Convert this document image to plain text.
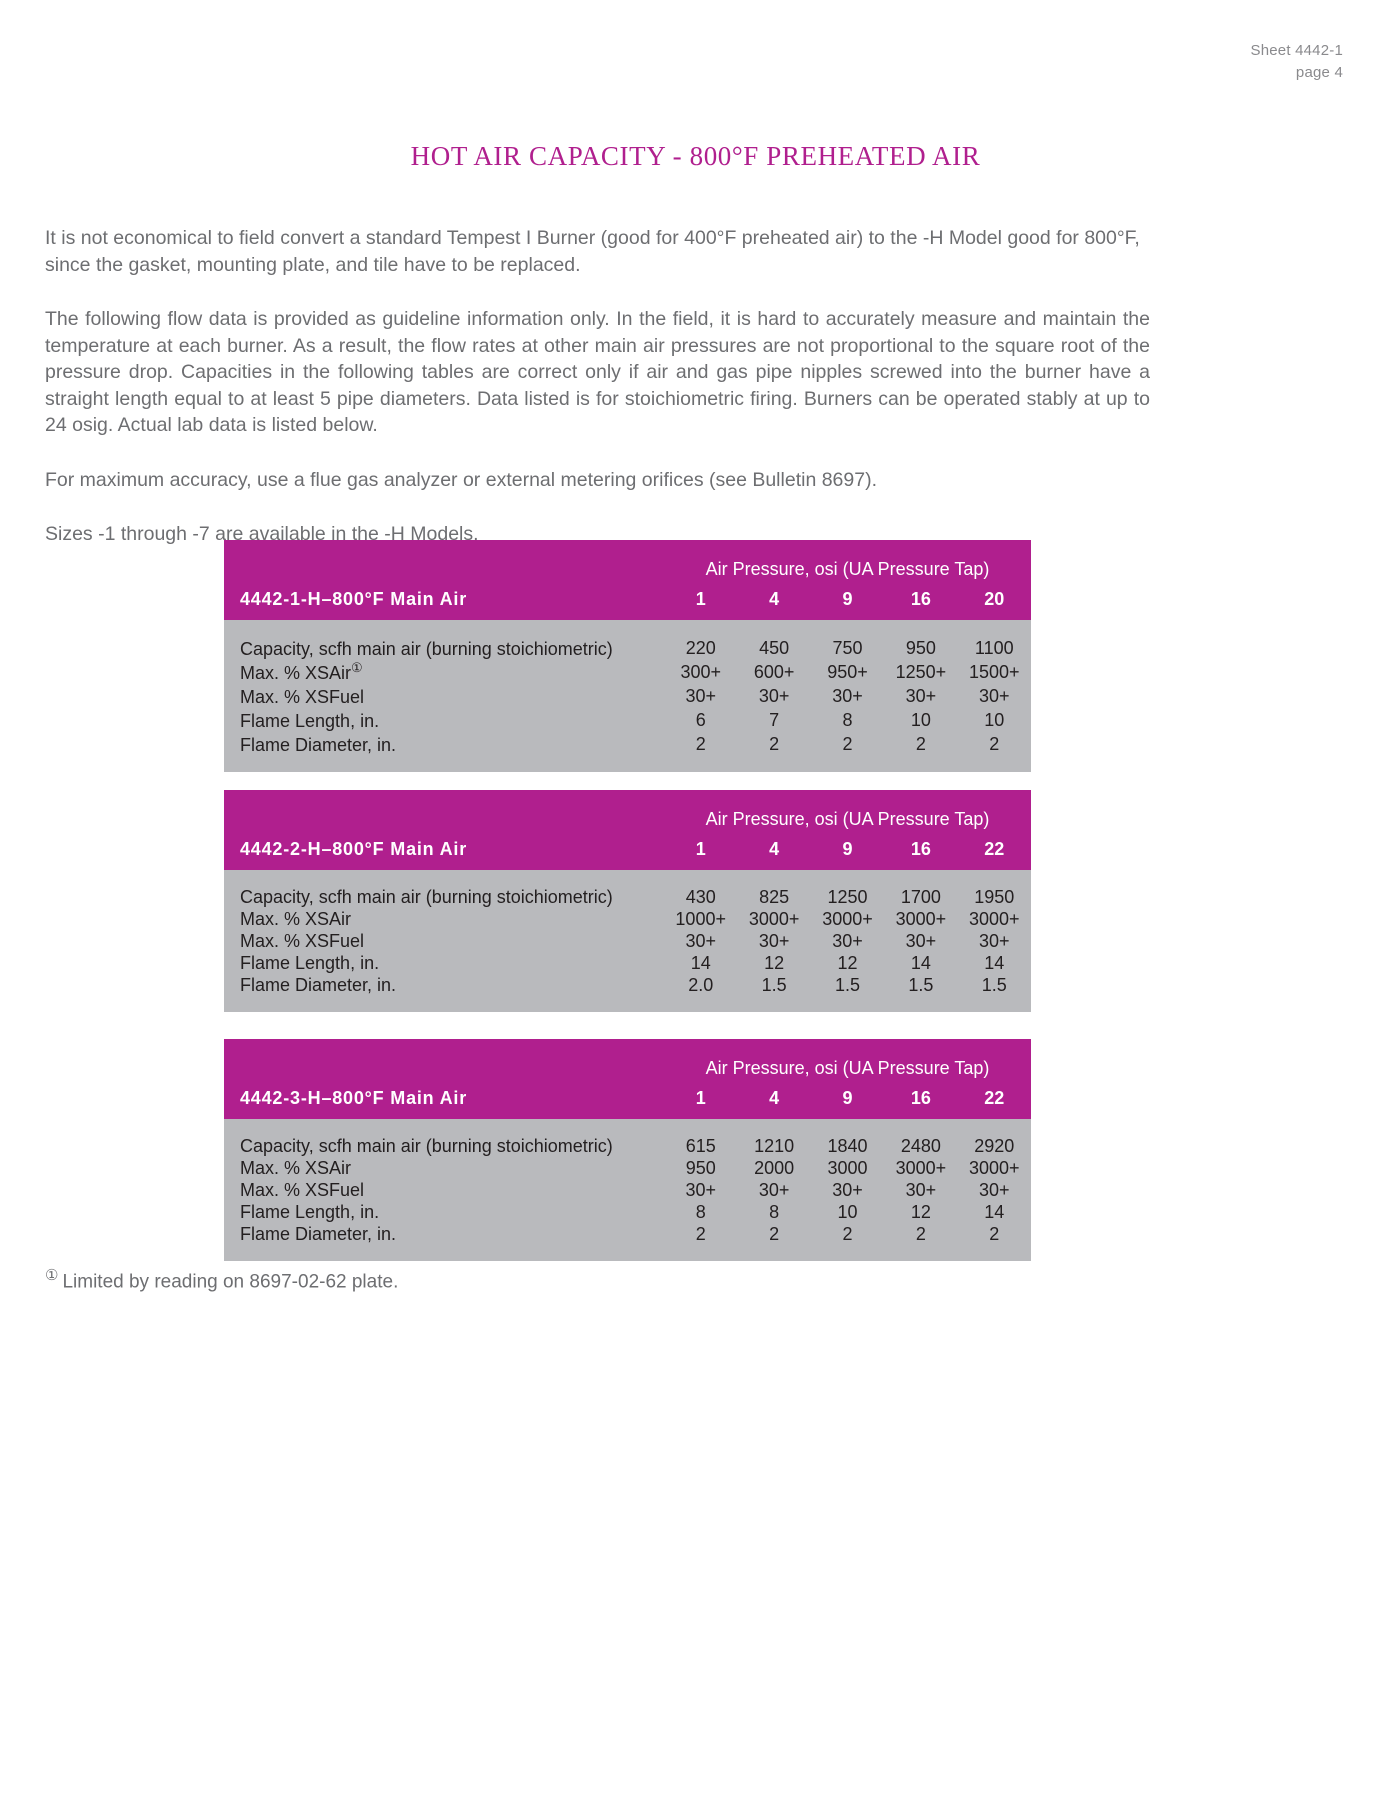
Sheet 4442-1
page 4
HOT AIR CAPACITY - 800°F PREHEATED AIR

It is not economical to field convert a standard Tempest I Burner (good for 400°F preheated air) to the -H Model good for 800°F, since the gasket, mounting plate, and tile have to be replaced.

The following flow data is provided as guideline information only. In the field, it is hard to accurately measure and maintain the temperature at each burner. As a result, the flow rates at other main air pressures are not proportional to the square root of the pressure drop. Capacities in the following tables are correct only if air and gas pipe nipples screwed into the burner have a straight length equal to at least 5 pipe diameters. Data listed is for stoichiometric firing. Burners can be operated stably at up to 24 osig. Actual lab data is listed below.

For maximum accuracy, use a flue gas analyzer or external metering orifices (see Bulletin 8697).

Sizes -1 through -7 are available in the -H Models.

	Air Pressure, osi (UA Pressure Tap)				
4442-1-H–800°F Main Air	1	4	9	16	20

Capacity, scfh main air (burning stoichiometric)	220	450	750	950	1100
Max. % XSAir①	300+	600+	950+	1250+	1500+
Max. % XSFuel	30+	30+	30+	30+	30+
Flame Length, in.	6	7	8	10	10
Flame Diameter, in.	2	2	2	2	2

	Air Pressure, osi (UA Pressure Tap)				
4442-2-H–800°F Main Air	1	4	9	16	22

Capacity, scfh main air (burning stoichiometric)	430	825	1250	1700	1950
Max. % XSAir	1000+	3000+	3000+	3000+	3000+
Max. % XSFuel	30+	30+	30+	30+	30+
Flame Length, in.	14	12	12	14	14
Flame Diameter, in.	2.0	1.5	1.5	1.5	1.5

	Air Pressure, osi (UA Pressure Tap)				
4442-3-H–800°F Main Air	1	4	9	16	22

Capacity, scfh main air (burning stoichiometric)	615	1210	1840	2480	2920
Max. % XSAir	950	2000	3000	3000+	3000+
Max. % XSFuel	30+	30+	30+	30+	30+
Flame Length, in.	8	8	10	12	14
Flame Diameter, in.	2	2	2	2	2

① Limited by reading on 8697-02-62 plate.
